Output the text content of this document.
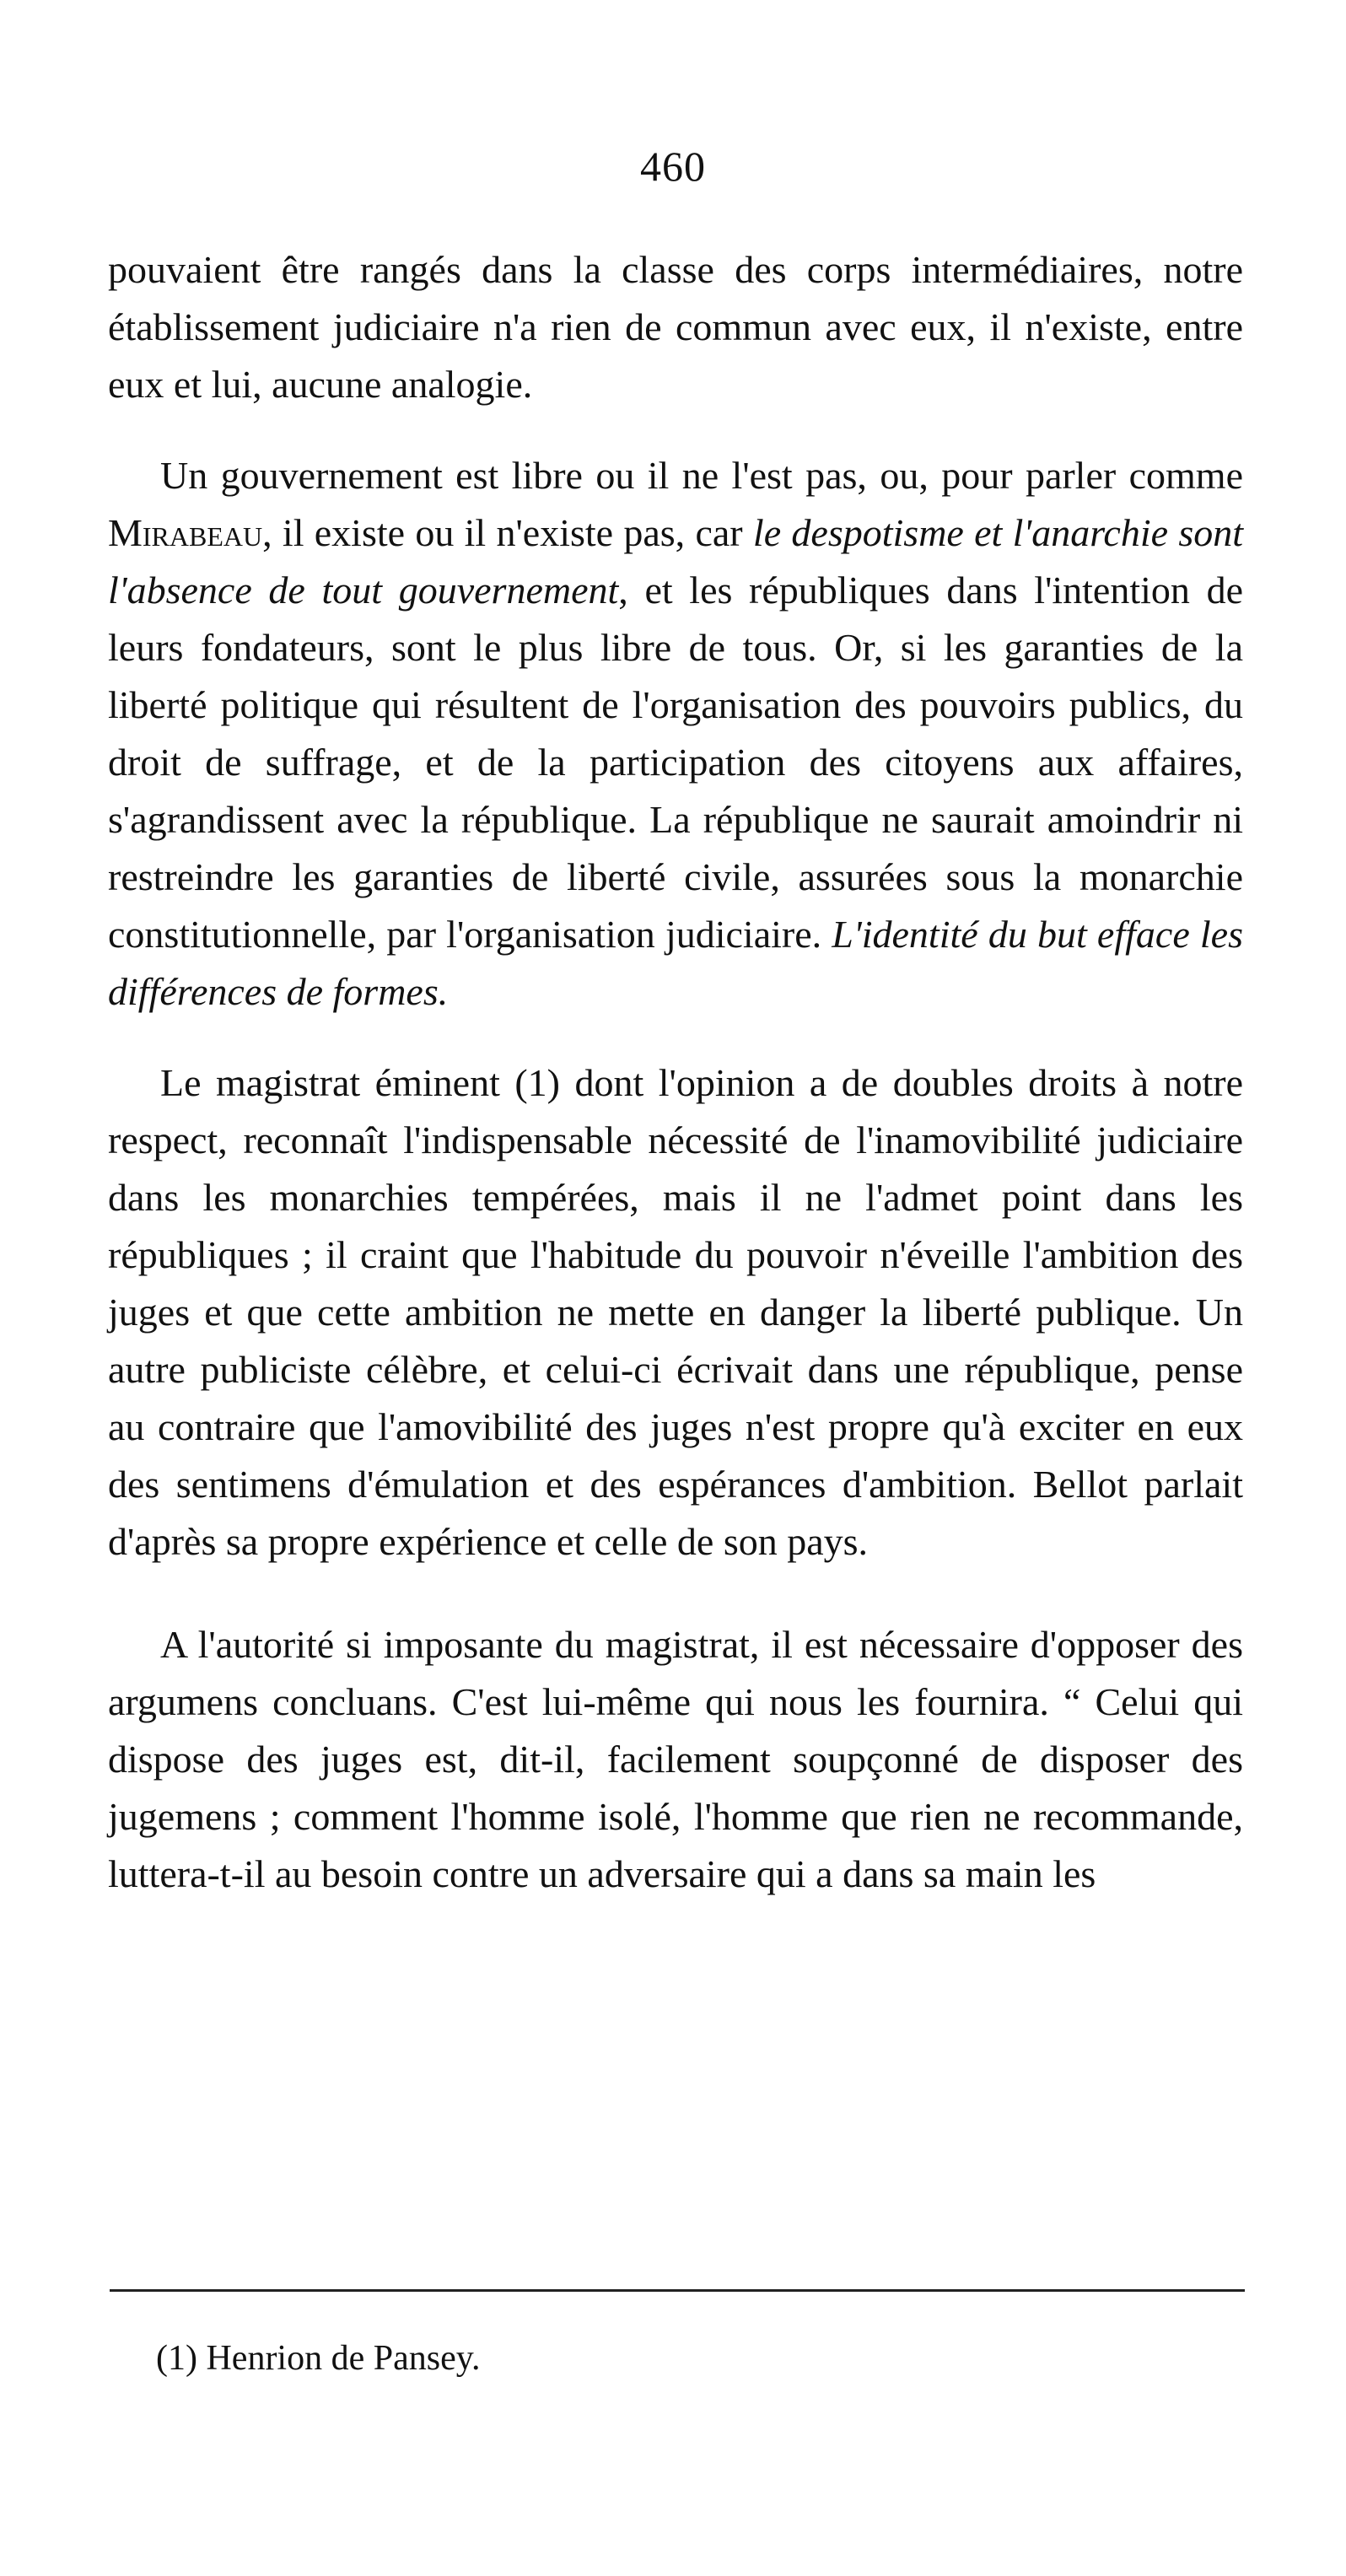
460

pouvaient être rangés dans la classe des corps intermédiaires, notre établissement judiciaire n'a rien de commun avec eux, il n'existe, entre eux et lui, aucune analogie.

Un gouvernement est libre ou il ne l'est pas, ou, pour parler comme Mirabeau, il existe ou il n'existe pas, car le despotisme et l'anarchie sont l'absence de tout gouvernement, et les républiques dans l'intention de leurs fondateurs, sont le plus libre de tous. Or, si les garanties de la liberté politique qui résultent de l'organisation des pouvoirs publics, du droit de suffrage, et de la participation des citoyens aux affaires, s'agrandissent avec la république. La république ne saurait amoindrir ni restreindre les garanties de liberté civile, assurées sous la monarchie constitutionnelle, par l'organisation judiciaire. L'identité du but efface les différences de formes.

Le magistrat éminent (1) dont l'opinion a de doubles droits à notre respect, reconnaît l'indispensable nécessité de l'inamovibilité judiciaire dans les monarchies tempérées, mais il ne l'admet point dans les républiques ; il craint que l'habitude du pouvoir n'éveille l'ambition des juges et que cette ambition ne mette en danger la liberté publique. Un autre publiciste célèbre, et celui-ci écrivait dans une république, pense au contraire que l'amovibilité des juges n'est propre qu'à exciter en eux des sentimens d'émulation et des espérances d'ambition. Bellot parlait d'après sa propre expérience et celle de son pays.

A l'autorité si imposante du magistrat, il est nécessaire d'opposer des argumens concluans. C'est lui-même qui nous les fournira. “ Celui qui dispose des juges est, dit-il, facilement soupçonné de disposer des jugemens ; comment l'homme isolé, l'homme que rien ne recommande, luttera-t-il au besoin contre un adversaire qui a dans sa main les

(1) Henrion de Pansey.
